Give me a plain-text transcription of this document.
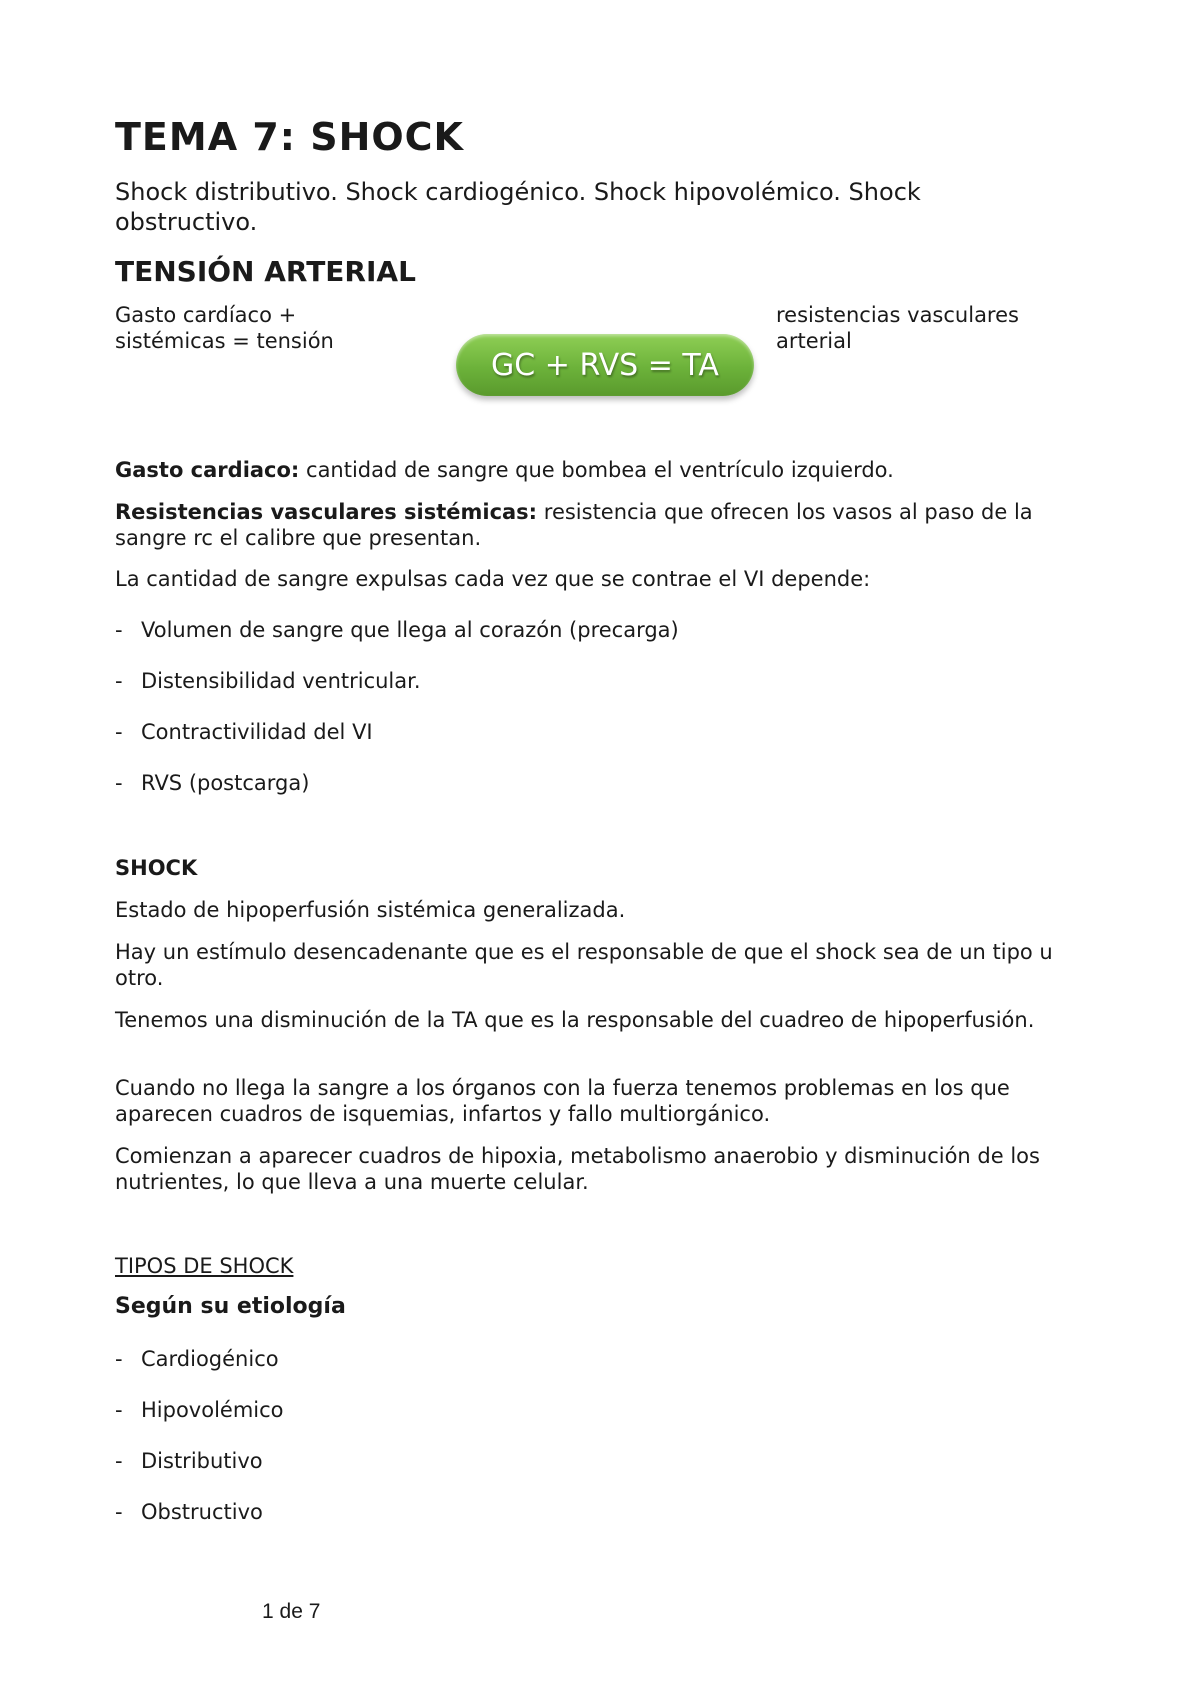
TEMA 7: SHOCK

Shock distributivo. Shock cardiogénico. Shock hipovolémico. Shock obstructivo.

TENSIÓN ARTERIAL

Gasto cardíaco + sistémicas = tensión

GC + RVS = TA

resistencias vasculares arterial

Gasto cardiaco: cantidad de sangre que bombea el ventrículo izquierdo.

Resistencias vasculares sistémicas: resistencia que ofrecen los vasos al paso de la sangre rc el calibre que presentan.

La cantidad de sangre expulsas cada vez que se contrae el VI depende:

- Volumen de sangre que llega al corazón (precarga)
- Distensibilidad ventricular.
- Contractivilidad del VI
- RVS (postcarga)

SHOCK

Estado de hipoperfusión sistémica generalizada.

Hay un estímulo desencadenante que es el responsable de que el shock sea de un tipo u otro.

Tenemos una disminución de la TA que es la responsable del cuadreo de hipoperfusión.

Cuando no llega la sangre a los órganos con la fuerza tenemos problemas en los que aparecen cuadros de isquemias, infartos y fallo multiorgánico.

Comienzan a aparecer cuadros de hipoxia, metabolismo anaerobio y disminución de los nutrientes, lo que lleva a una muerte celular.

TIPOS DE SHOCK

Según su etiología

- Cardiogénico
- Hipovolémico
- Distributivo
- Obstructivo

1 de 7
